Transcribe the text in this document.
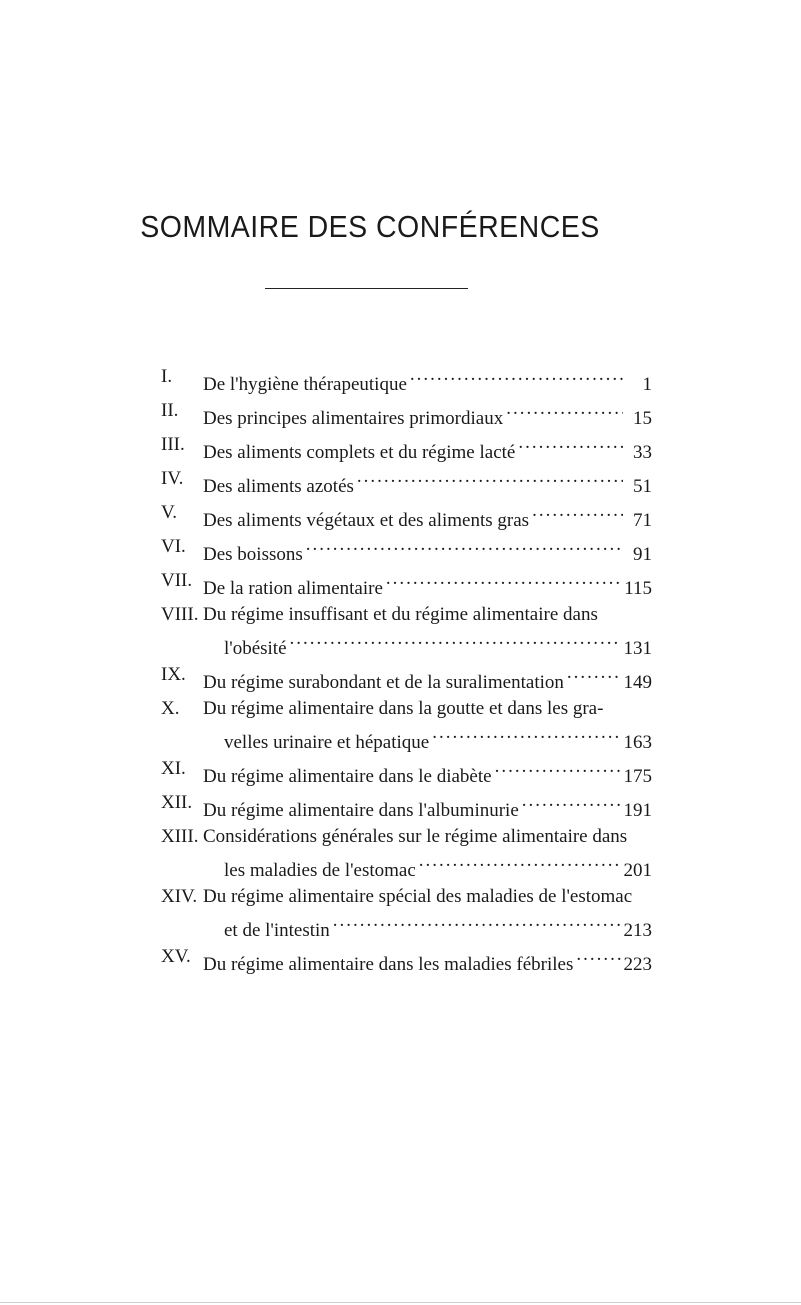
SOMMAIRE DES CONFÉRENCES
I.	De l'hygiène thérapeutique .....	1
II.	Des principes alimentaires primordiaux .....	15
III. Des aliments complets et du régime lacté .....	33
IV.	Des aliments azotés .....	51
V.	Des aliments végétaux et des aliments gras .....	71
VI. Des boissons .....	91
VII. De la ration alimentaire .....	115
VIII. Du régime insuffisant et du régime alimentaire dans
l'obésité .....	131
IX. Du régime surabondant et de la suralimentation .....	149
X.	Du régime alimentaire dans la goutte et dans les gra-
velles urinaire et hépatique .....	163
XI. Du régime alimentaire dans le diabète .....	175
XII. Du régime alimentaire dans l'albuminurie .....	191
XIII. Considérations générales sur le régime alimentaire dans
les maladies de l'estomac .....	201
XIV. Du régime alimentaire spécial des maladies de l'estomac
et de l'intestin .....	213
XV. Du régime alimentaire dans les maladies fébriles .....	223
